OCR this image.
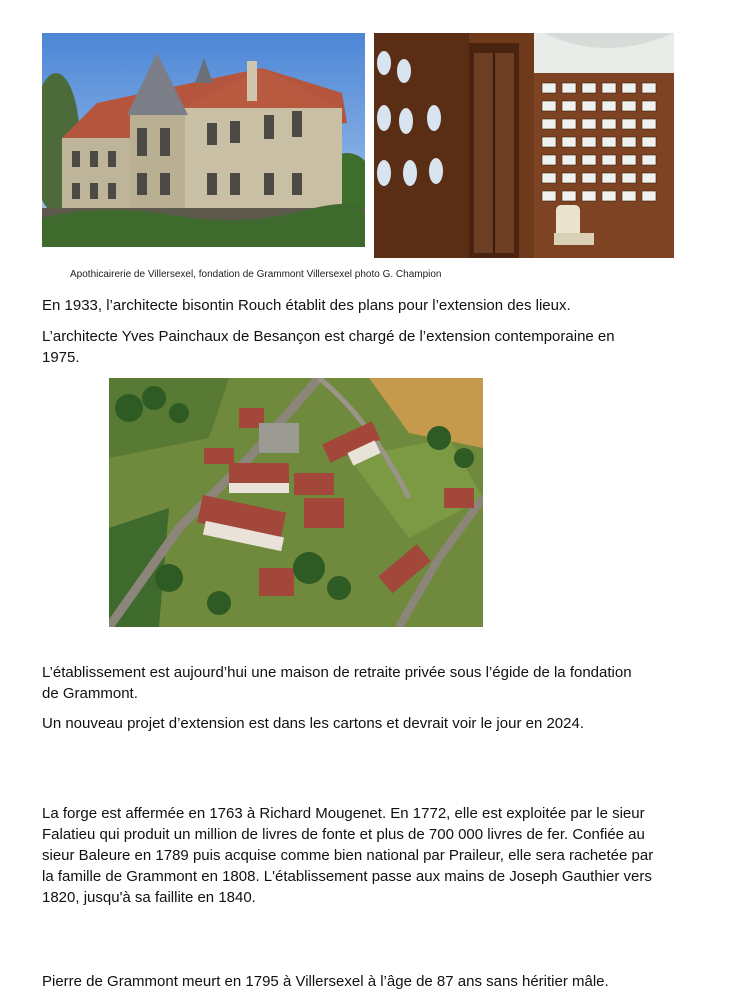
Apothicairerie de Villersexel, fondation de Grammont Villersexel photo G. Champion

En 1933, l’architecte bisontin Rouch établit des plans pour l’extension des lieux.

L’architecte Yves Painchaux de Besançon est chargé de l’extension contemporaine en
1975.

L’établissement est aujourd’hui une maison de retraite privée sous l’égide de la fondation
de Grammont.

Un nouveau projet d’extension est dans les cartons et devrait voir le jour en 2024.

La forge est affermée en 1763 à Richard Mougenet. En 1772, elle est exploitée par le sieur
Falatieu qui produit un million de livres de fonte et plus de 700 000 livres de fer. Confiée au
sieur Baleure en 1789 puis acquise comme bien national par Praileur, elle sera rachetée par
la famille de Grammont en 1808. L'établissement passe aux mains de Joseph Gauthier vers
1820, jusqu'à sa faillite en 1840.

Pierre de Grammont meurt en 1795 à Villersexel à l’âge de 87 ans sans héritier mâle.
